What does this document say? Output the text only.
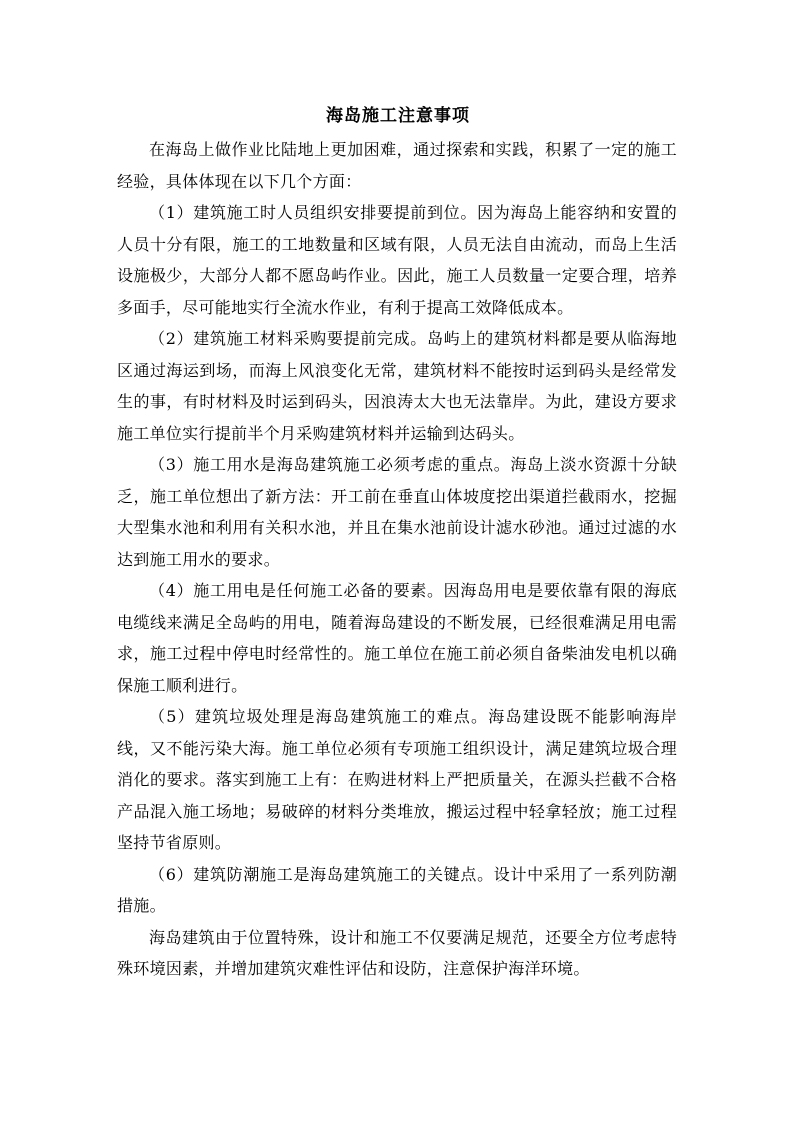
海岛施工注意事项

在海岛上做作业比陆地上更加困难，通过探索和实践，积累了一定的施工经验，具体体现在以下几个方面：

（1）建筑施工时人员组织安排要提前到位。因为海岛上能容纳和安置的人员十分有限，施工的工地数量和区域有限，人员无法自由流动，而岛上生活设施极少，大部分人都不愿岛屿作业。因此，施工人员数量一定要合理，培养多面手，尽可能地实行全流水作业，有利于提高工效降低成本。

（2）建筑施工材料采购要提前完成。岛屿上的建筑材料都是要从临海地区通过海运到场，而海上风浪变化无常，建筑材料不能按时运到码头是经常发生的事，有时材料及时运到码头，因浪涛太大也无法靠岸。为此，建设方要求施工单位实行提前半个月采购建筑材料并运输到达码头。

（3）施工用水是海岛建筑施工必须考虑的重点。海岛上淡水资源十分缺乏，施工单位想出了新方法：开工前在垂直山体坡度挖出渠道拦截雨水，挖掘大型集水池和利用有关积水池，并且在集水池前设计滤水砂池。通过过滤的水达到施工用水的要求。

（4）施工用电是任何施工必备的要素。因海岛用电是要依靠有限的海底电缆线来满足全岛屿的用电，随着海岛建设的不断发展，已经很难满足用电需求，施工过程中停电时经常性的。施工单位在施工前必须自备柴油发电机以确保施工顺利进行。

（5）建筑垃圾处理是海岛建筑施工的难点。海岛建设既不能影响海岸线，又不能污染大海。施工单位必须有专项施工组织设计，满足建筑垃圾合理消化的要求。落实到施工上有：在购进材料上严把质量关，在源头拦截不合格产品混入施工场地；易破碎的材料分类堆放，搬运过程中轻拿轻放；施工过程坚持节省原则。

（6）建筑防潮施工是海岛建筑施工的关键点。设计中采用了一系列防潮措施。

海岛建筑由于位置特殊，设计和施工不仅要满足规范，还要全方位考虑特殊环境因素，并增加建筑灾难性评估和设防，注意保护海洋环境。
